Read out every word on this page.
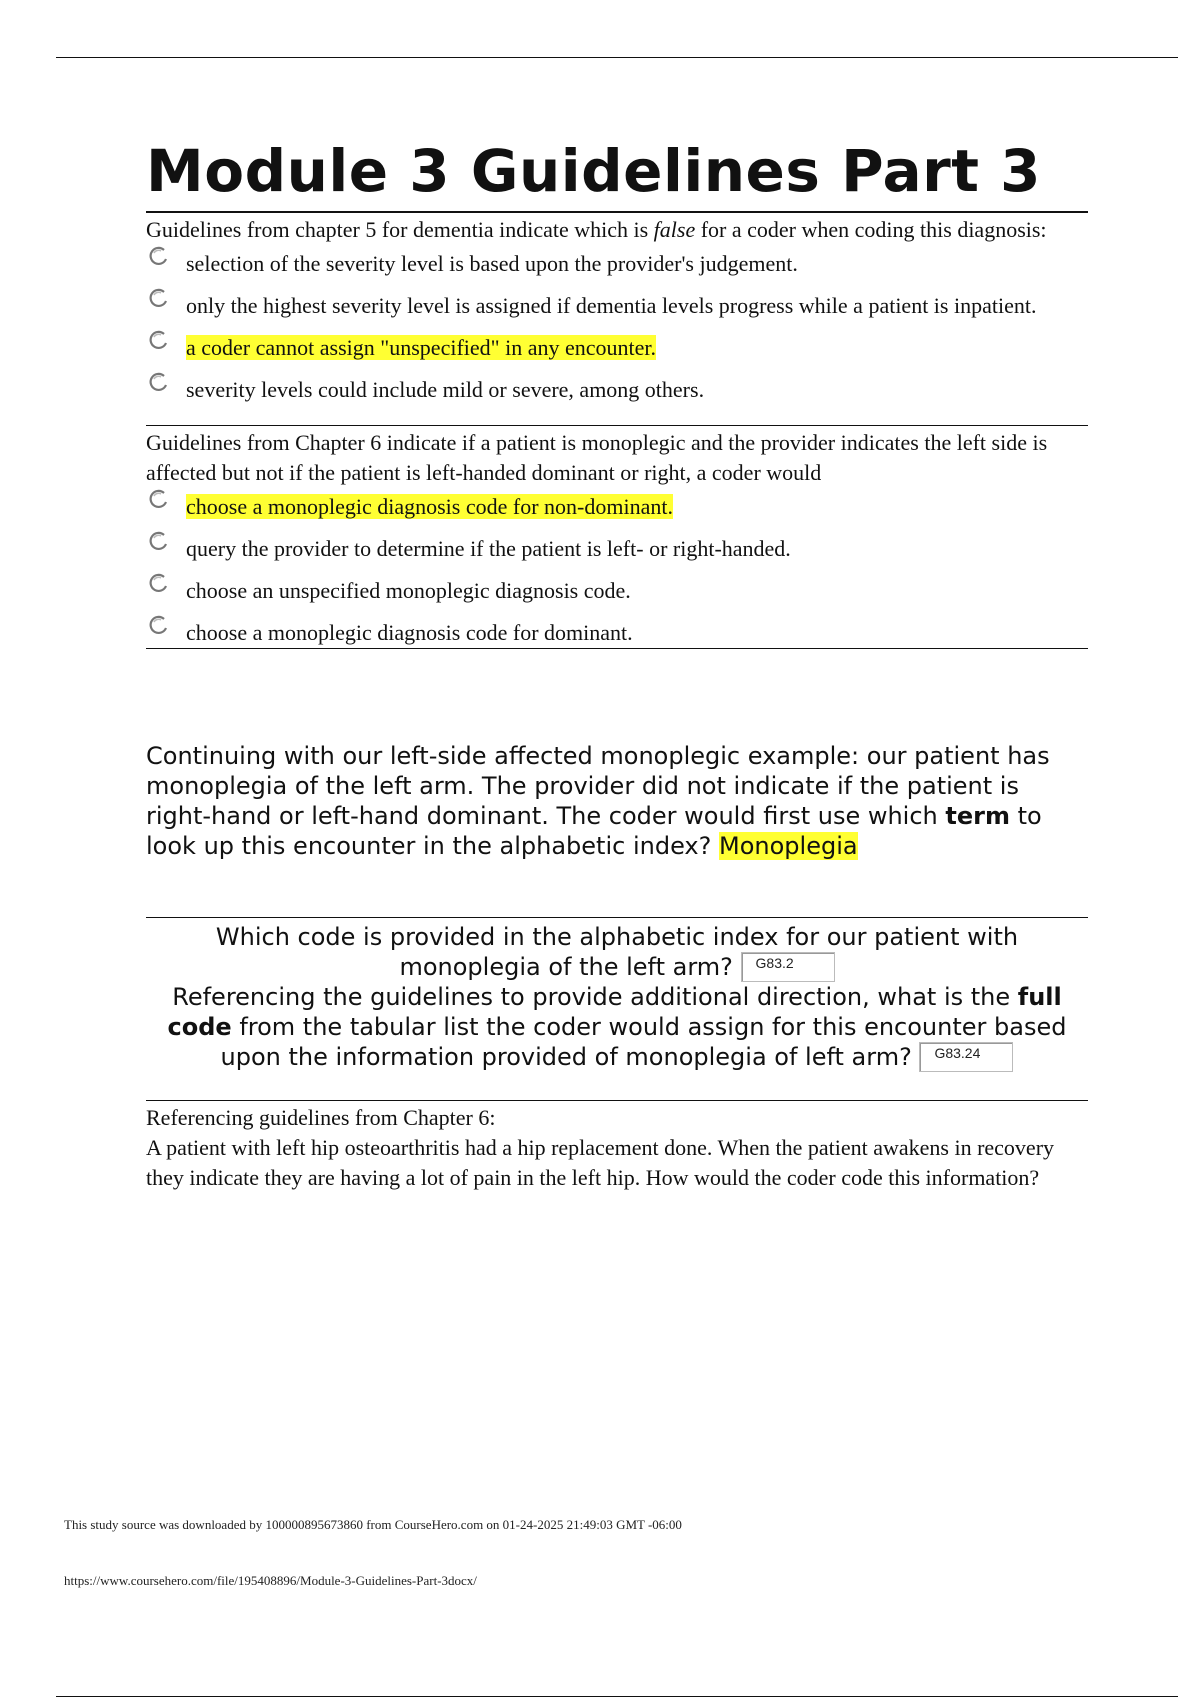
Module 3 Guidelines Part 3

Guidelines from chapter 5 for dementia indicate which is false for a coder when coding this diagnosis:

selection of the severity level is based upon the provider's judgement.
only the highest severity level is assigned if dementia levels progress while a patient is inpatient.
a coder cannot assign "unspecified" in any encounter.
severity levels could include mild or severe, among others.

Guidelines from Chapter 6 indicate if a patient is monoplegic and the provider indicates the left side is affected but not if the patient is left-handed dominant or right, a coder would

choose a monoplegic diagnosis code for non-dominant.
query the provider to determine if the patient is left- or right-handed.
choose an unspecified monoplegic diagnosis code.
choose a monoplegic diagnosis code for dominant.
Continuing with our left-side affected monoplegic example: our patient has monoplegia of the left arm. The provider did not indicate if the patient is right-hand or left-hand dominant. The coder would first use which term to look up this encounter in the alphabetic index? Monoplegia

Which code is provided in the alphabetic index for our patient with monoplegia of the left arm? G83.2

Referencing the guidelines to provide additional direction, what is the full code from the tabular list the coder would assign for this encounter based upon the information provided of monoplegia of left arm? G83.24

Referencing guidelines from Chapter 6:

A patient with left hip osteoarthritis had a hip replacement done. When the patient awakens in recovery they indicate they are having a lot of pain in the left hip. How would the coder code this information?

This study source was downloaded by 100000895673860 from CourseHero.com on 01-24-2025 21:49:03 GMT -06:00
https://www.coursehero.com/file/195408896/Module-3-Guidelines-Part-3docx/
